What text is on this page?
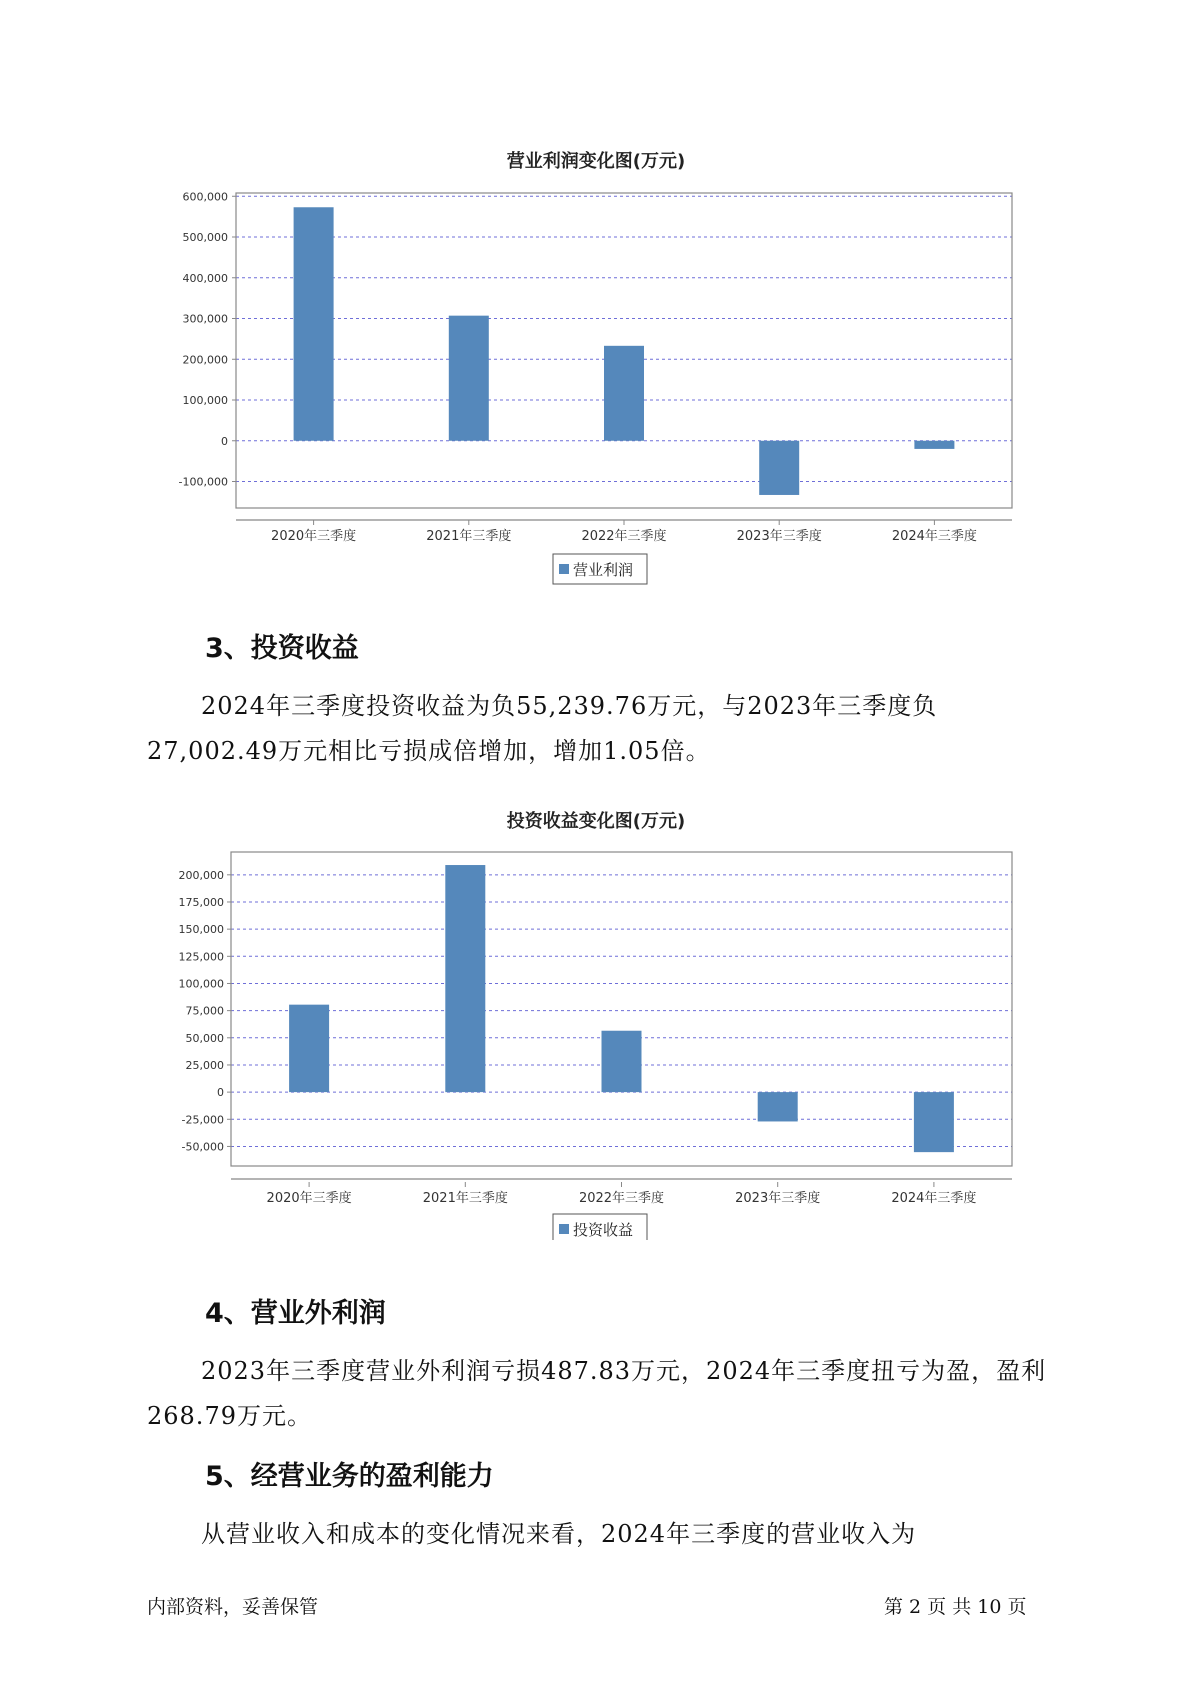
营业利润变化图(万元)
600,000
500,000
400,000
300,000
200,000
100,000
0
-100,000
2020年三季度	2021年三季度	2022年三季度	2023年三季度	2024年三季度
营业利润
3、投资收益

2024年三季度投资收益为负55,239.76万元，与2023年三季度负27,002.49万元相比亏损成倍增加，增加1.05倍。

投资收益变化图(万元)
200,000
175,000
150,000
125,000
100,000
75,000
50,000
25,000
0
-25,000
-50,000
2020年三季度	2021年三季度	2022年三季度	2023年三季度	2024年三季度
投资收益
4、营业外利润

2023年三季度营业外利润亏损487.83万元，2024年三季度扭亏为盈，盈利268.79万元。

5、经营业务的盈利能力

从营业收入和成本的变化情况来看，2024年三季度的营业收入为

内部资料，妥善保管	第 2 页 共 10 页
